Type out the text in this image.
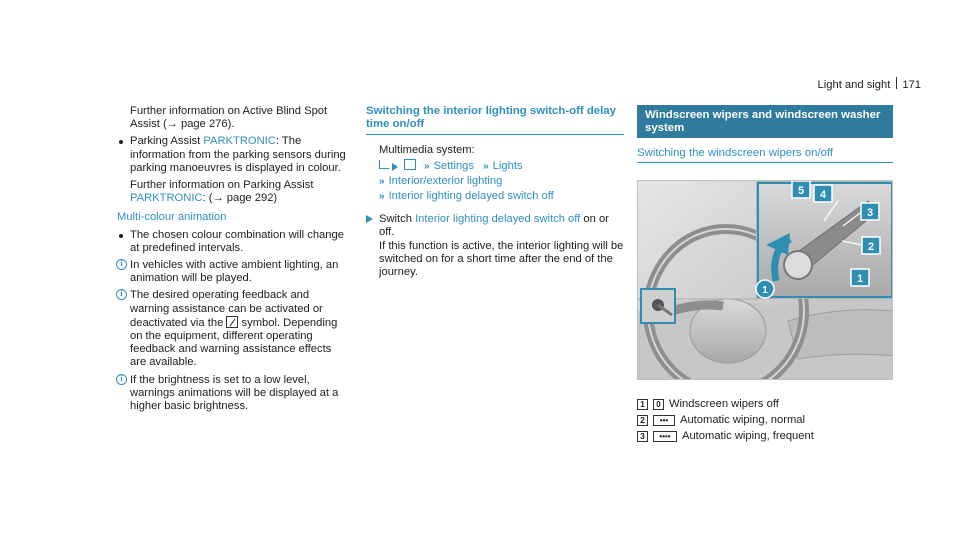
Light and sight 171
Further information on Active Blind Spot Assist (→ page 276).
Parking Assist PARKTRONIC: The information from the parking sensors during parking manoeuvres is displayed in colour.
Further information on Parking Assist PARKTRONIC: (→ page 292)
Multi-colour animation
The chosen colour combination will change at predefined intervals.
i In vehicles with active ambient lighting, an animation will be played.
i The desired operating feedback and warning assistance can be activated or deactivated via the symbol. Depending on the equipment, different operating feedback and warning assistance effects are available.
i If the brightness is set to a low level, warnings animations will be displayed at a higher basic brightness.
Switching the interior lighting switch-off delay time on/off
Multimedia system:
» Settings » Lights
» Interior/exterior lighting
» Interior lighting delayed switch off
Switch Interior lighting delayed switch off on or off.
If this function is active, the interior lighting will be switched on for a short time after the end of the journey.
Windscreen wipers and windscreen washer system
Switching the windscreen wipers on/off
5 4
3
2
1
1
1	0 Windscreen wipers off
2	•••	Automatic wiping, normal
3	••••	Automatic wiping, frequent
